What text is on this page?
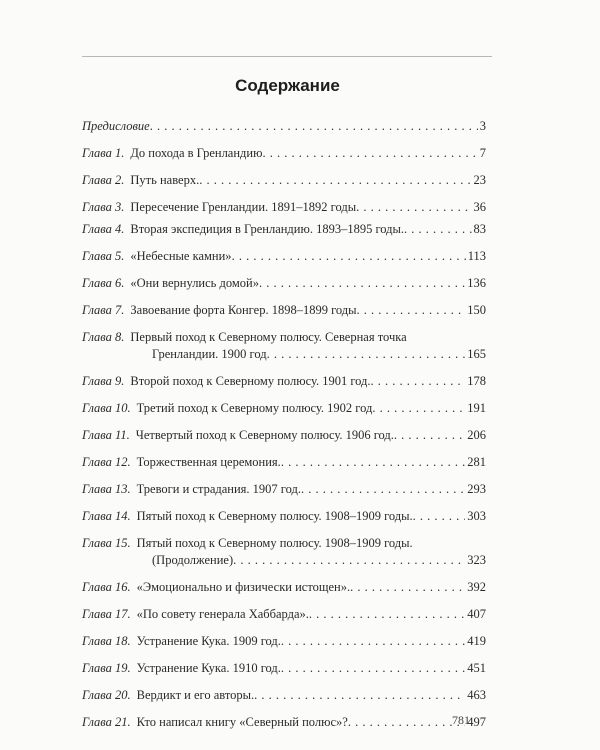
Содержание
Предисловие . . .	3
Глава 1. До похода в Гренландию . . .	7
Глава 2. Путь наверх. . . .	23
Глава 3. Пересечение Гренландии. 1891–1892 годы . . .	36
Глава 4. Вторая экспедиция в Гренландию. 1893–1895 годы. . . .	83
Глава 5. «Небесные камни» . . .	113
Глава 6. «Они вернулись домой» . . .	136
Глава 7. Завоевание форта Конгер. 1898–1899 годы . . .	150
Глава 8. Первый поход к Северному полюсу. Северная точка
Гренландии. 1900 год . . .	165
Глава 9. Второй поход к Северному полюсу. 1901 год. . . .	178
Глава 10. Третий поход к Северному полюсу. 1902 год . . .	191
Глава 11. Четвертый поход к Северному полюсу. 1906 год. . . .	206
Глава 12. Торжественная церемония. . . .	281
Глава 13. Тревоги и страдания. 1907 год. . . .	293
Глава 14. Пятый поход к Северному полюсу. 1908–1909 годы. . . .	303
Глава 15. Пятый поход к Северному полюсу. 1908–1909 годы.
(Продолжение) . . .	323
Глава 16. «Эмоционально и физически истощен». . . .	392
Глава 17. «По совету генерала Хаббарда». . . .	407
Глава 18. Устранение Кука. 1909 год. . . .	419
Глава 19. Устранение Кука. 1910 год. . . .	451
Глава 20. Вердикт и его авторы. . . .	463
Глава 21. Кто написал книгу «Северный полюс»? . . .	497
781
